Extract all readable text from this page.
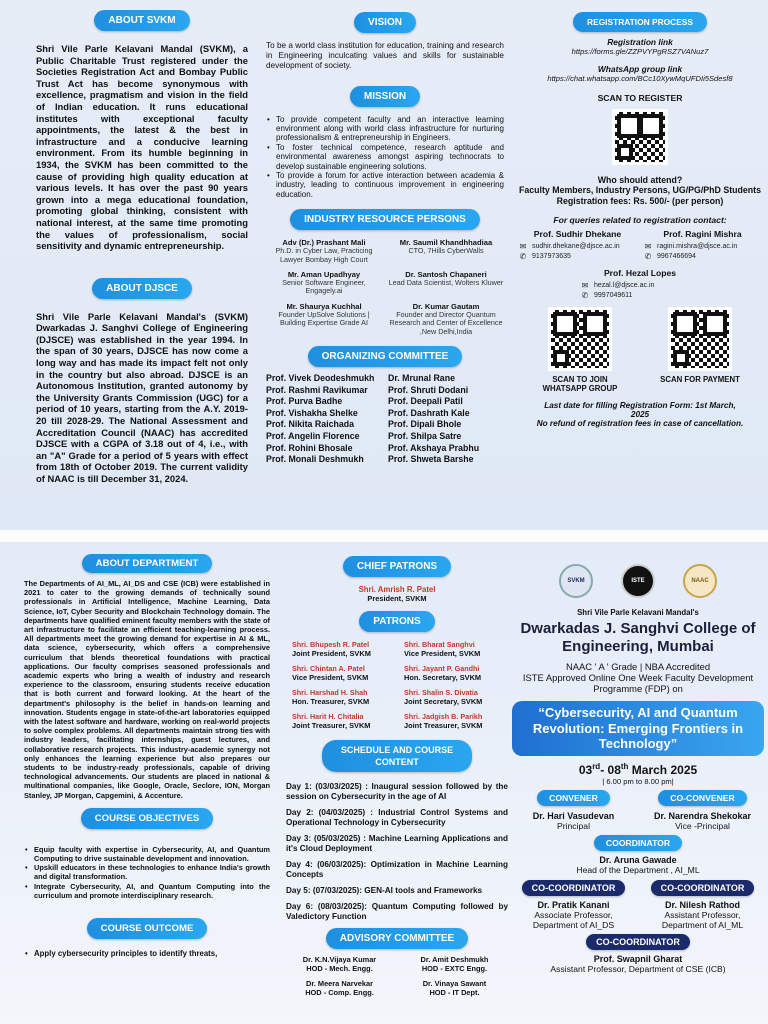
ABOUT SVKM

Shri Vile Parle Kelavani Mandal (SVKM), a Public Charitable Trust registered under the Societies Registration Act and Bombay Public Trust Act has become synonymous with excellence, pragmatism and vision in the field of Indian education. It runs educational institutes with exceptional faculty appointments, the latest & the best in infrastructure and a conducive learning environment. From its humble beginning in 1934, the SVKM has been committed to the cause of providing high quality education at various levels. It has over the past 90 years grown into a mega educational foundation, promoting global thinking, consistent with national interest, at the same time promoting the values of professionalism, social sensitivity and dynamic entrepreneurship.

ABOUT DJSCE

Shri Vile Parle Kelavani Mandal's (SVKM) Dwarkadas J. Sanghvi College of Engineering (DJSCE) was established in the year 1994. In the span of 30 years, DJSCE has now come a long way and has made its impact felt not only in the country but also abroad. DJSCE is an Autonomous Institution, granted autonomy by the University Grants Commission (UGC) for a period of 10 years, starting from the A.Y. 2019-20 till 2028-29. The National Assessment and Accreditation Council (NAAC) has accredited DJSCE with a CGPA of 3.18 out of 4, i.e., with an "A" Grade for a period of 5 years with effect from 18th of October 2019. The current validity of NAAC is till December 31, 2024.

VISION

To be a world class institution for education, training and research in Engineering inculcating values and skills for sustainable development of society.

MISSION
• To provide competent faculty and an interactive learning environment along with world class infrastructure for nurturing professionalism & entrepreneurship in Engineers.
• To foster technical competence, research aptitude and environmental awareness amongst aspiring technocrats to develop sustainable engineering solutions.
• To provide a forum for active interaction between academia & industry, leading to continuous improvement in engineering education.
INDUSTRY RESOURCE PERSONS
Adv (Dr.) Prashant Mali
Ph.D. in Cyber Law, Practicing Lawyer Bombay High Court
Mr. Saumil Khandhhadiaa
CTO, 7Hills CyberWalls
Mr. Aman Upadhyay
Senior Software Engineer, Engagely.ai
Dr. Santosh Chapaneri
Lead Data Scientist, Wolters Kluwer
Mr. Shaurya Kuchhal
Founder UpSolve Solutions | Building Expertise Grade AI
Dr. Kumar Gautam
Founder and Director Quantum Research and Center of Excellence ,New Delhi,India
ORGANIZING COMMITTEE
Prof. Vivek Deodeshmukh
Prof. Rashmi Ravikumar
Prof. Purva Badhe
Prof. Vishakha Shelke
Prof. Nikita Raichada
Prof. Angelin Florence
Prof. Rohini Bhosale
Prof. Monali Deshmukh
Dr. Mrunal Rane
Prof. Shruti Dodani
Prof. Deepali Patil
Prof. Dashrath Kale
Prof. Dipali Bhole
Prof. Shilpa Satre
Prof. Akshaya Prabhu
Prof. Shweta Barshe
REGISTRATION PROCESS
Registration link
https://forms.gle/ZZPVYPgRSZ7VANuz7
WhatsApp group link
https://chat.whatsapp.com/BCc10XywMqUFDIi5Sdesf8
SCAN TO REGISTER
Who should attend?
Faculty Members, Industry Persons, UG/PG/PhD Students
Registration fees: Rs. 500/- (per person)
For queries related to registration contact:
Prof. Sudhir Dhekane
✉ sudhir.dhekane@djsce.ac.in
✆ 9137973635
Prof. Ragini Mishra
✉ ragini.mishra@djsce.ac.in
✆ 9967466694
Prof. Hezal Lopes
✉ hezal.l@djsce.ac.in
✆ 9997049611
SCAN TO JOIN WHATSAPP GROUP
SCAN FOR PAYMENT
Last date for filling Registration Form: 1st March, 2025
No refund of registration fees in case of cancellation.
ABOUT DEPARTMENT

The Departments of AI_ML, AI_DS and CSE (ICB) were established in 2021 to cater to the growing demands of technically sound professionals in Artificial Intelligence, Machine Learning, Data Science, IoT, Cyber Security and Blockchain Technology domain. The departments have qualified eminent faculty members with the state of art infrastructure to facilitate an efficient teaching-learning process. All departments meet the growing demand for expertise in AI & ML, data science, cybersecurity, which offers a comprehensive curriculum that blends theoretical foundations with practical applications. Our faculty comprises seasoned professionals and academic experts who bring a wealth of industry and research experience to the classroom, ensuring students receive education that is both current and forward looking. At the heart of the department's philosophy is the belief in hands-on learning and innovation. Students engage in state-of-the-art laboratories equipped with the latest software and hardware, working on real-world projects to solve complex problems. All departments maintain strong ties with industry leaders, facilitating internships, guest lectures, and collaborative research projects. This industry-academic synergy not only enhances the learning experience but also prepares our students to be industry-ready professionals, capable of driving technological advancements. Our students are placed in national & multinational companies, like Google, Oracle, Seclore, ION, Morgan Stanley, JP Morgan, Capgemini, & Accenture.

COURSE OBJECTIVES
• Equip faculty with expertise in Cybersecurity, AI, and Quantum Computing to drive sustainable development and innovation.
• Upskill educators in these technologies to enhance India's growth and digital transformation.
• Integrate Cybersecurity, AI, and Quantum Computing into the curriculum and promote interdisciplinary research.
COURSE OUTCOME
• Apply cybersecurity principles to identify threats,
CHIEF PATRONS
Shri. Amrish R. Patel
President, SVKM
PATRONS
Shri. Bhupesh R. Patel
Joint President, SVKM
Shri. Bharat Sanghvi
Vice President, SVKM
Shri. Chintan A. Patel
Vice President, SVKM
Shri. Jayant P. Gandhi
Hon. Secretary, SVKM
Shri. Harshad H. Shah
Hon. Treasurer, SVKM
Shri. Shalin S. Divatia
Joint Secretary, SVKM
Shri. Harit H. Chitalia
Joint Treasurer, SVKM
Shri. Jadgish B. Parikh
Joint Treasurer, SVKM
SCHEDULE AND COURSE CONTENT
Day 1: (03/03/2025) : Inaugural session followed by the session on Cybersecurity in the age of AI
Day 2: (04/03/2025) : Industrial Control Systems and Operational Technology in Cybersecurity
Day 3: (05/03/2025) : Machine Learning Applications and it's Cloud Deployment
Day 4: (06/03/2025): Optimization in Machine Learning Concepts
Day 5: (07/03/2025): GEN-AI tools and Frameworks
Day 6: (08/03/2025): Quantum Computing followed by Valedictory Function
ADVISORY COMMITTEE
Dr. K.N.Vijaya Kumar
HOD - Mech. Engg.
Dr. Amit Deshmukh
HOD - EXTC Engg.
Dr. Meera Narvekar
HOD - Comp. Engg.
Dr. Vinaya Sawant
HOD - IT Dept.
SVKM	ISTE	NAAC
Shri Vile Parle Kelavani Mandal's
Dwarkadas J. Sanghvi College of Engineering, Mumbai
NAAC ' A ' Grade | NBA Accredited
ISTE Approved Online One Week Faculty Development Programme (FDP) on
“Cybersecurity, AI and Quantum Revolution: Emerging Frontiers in Technology”
03rd- 08th March 2025
| 6.00 pm to 8.00 pm|
CONVENER
Dr. Hari Vasudevan
Principal
CO-CONVENER
Dr. Narendra Shekokar
Vice -Principal
COORDINATOR
Dr. Aruna Gawade
Head of the Department , AI_ML
CO-COORDINATOR
Dr. Pratik Kanani
Associate Professor, Department of AI_DS
CO-COORDINATOR
Dr. Nilesh Rathod
Assistant Professor, Department of AI_ML
CO-COORDINATOR
Prof. Swapnil Gharat
Assistant Professor, Department of CSE (ICB)
